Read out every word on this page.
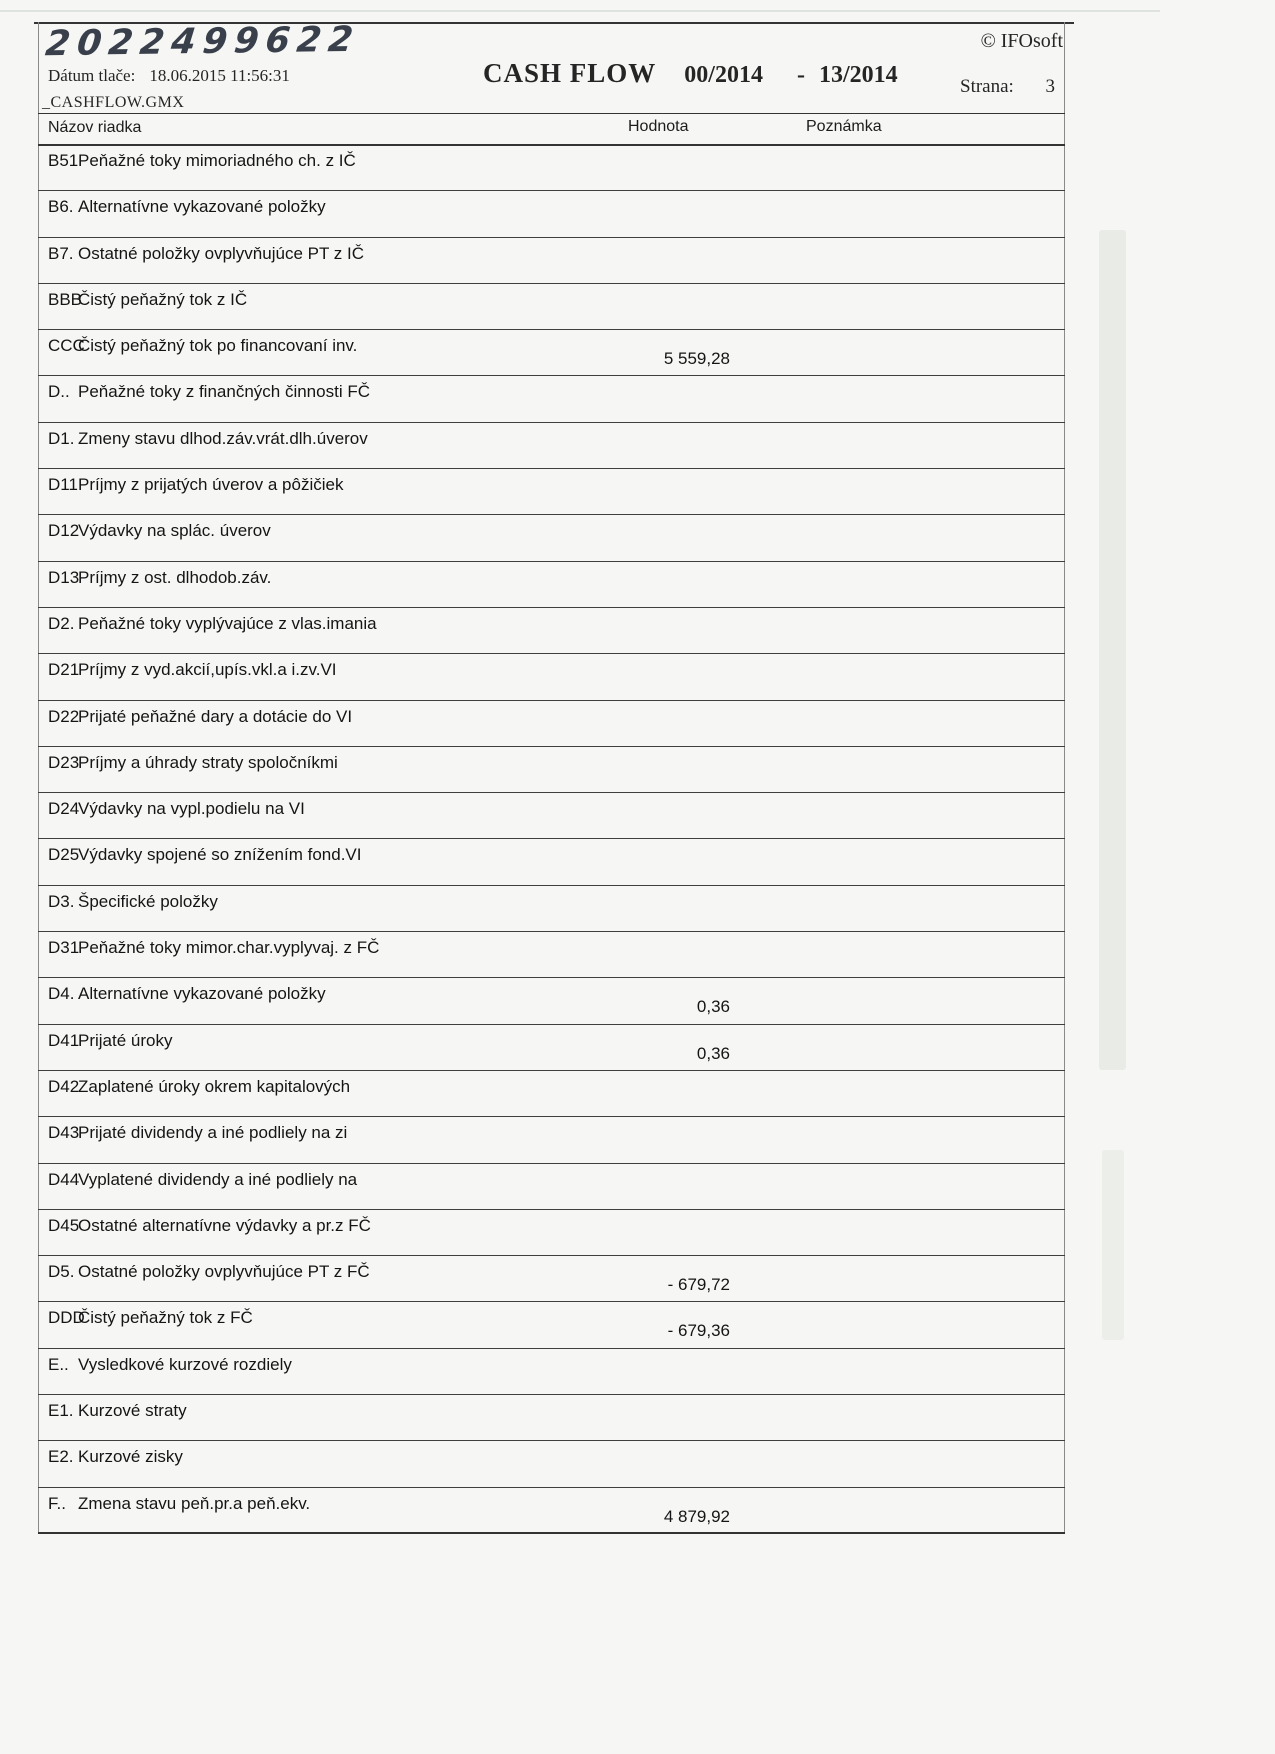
2022499622
Dátum tlače: 18.06.2015 11:56:31
_CASHFLOW.GMX
CASH FLOW 00/2014 - 13/2014
© IFOsoft
Strana: 3
Názov riadka	Hodnota	Poznámka
B51 Peňažné toky mimoriadného ch. z IČ
B6. Alternatívne vykazované položky
B7. Ostatné položky ovplyvňujúce PT z IČ
BBB
Čistý peňažný tok z IČ
CCC
Čistý peňažný tok po financovaní inv.
5 559,28
D.. Peňažné toky z finančných činnosti FČ
D1. Zmeny stavu dlhod.záv.vrát.dlh.úverov
D11 Príjmy z prijatých úverov a pôžičiek
D12
Výdavky na splác. úverov
D13
Príjmy z ost. dlhodob.záv.
D2. Peňažné toky vyplývajúce z vlas.imania
D21
Príjmy z vyd.akcií,upís.vkl.a i.zv.VI
D22
Prijaté peňažné dary a dotácie do VI
D23
Príjmy a úhrady straty spoločníkmi
D24
Výdavky na vypl.podielu na VI
D25
Výdavky spojené so znížením fond.VI
D3. Špecifické položky
D31
Peňažné toky mimor.char.vyplyvaj. z FČ
D4. Alternatívne vykazované položky
0,36
D41
Prijaté úroky
0,36
D42
Zaplatené úroky okrem kapitalových
D43
Prijaté dividendy a iné podliely na zi
D44
Vyplatené dividendy a iné podliely na
D45
Ostatné alternatívne výdavky a pr.z FČ
D5. Ostatné položky ovplyvňujúce PT z FČ
- 679,72
DDD
Čistý peňažný tok z FČ
- 679,36
E.. Vysledkové kurzové rozdiely
E1. Kurzové straty
E2. Kurzové zisky
F.. Zmena stavu peň.pr.a peň.ekv.
4 879,92
